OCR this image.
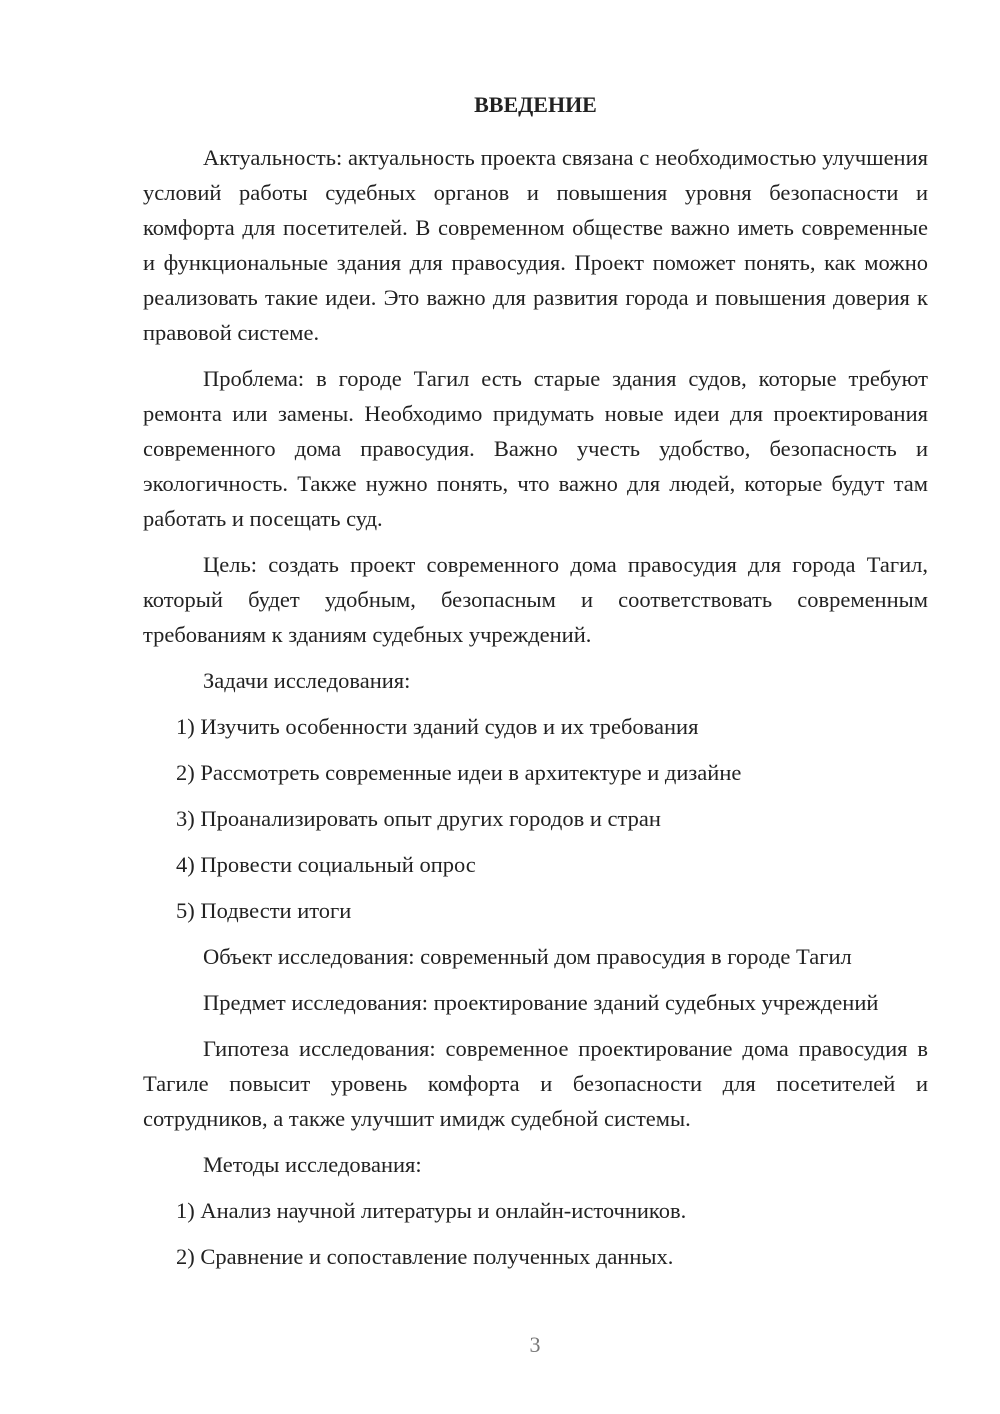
ВВЕДЕНИЕ
Актуальность: актуальность проекта связана с необходимостью улучшения условий работы судебных органов и повышения уровня безопасности и комфорта для посетителей. В современном обществе важно иметь современные и функциональные здания для правосудия. Проект поможет понять, как можно реализовать такие идеи. Это важно для развития города и повышения доверия к правовой системе.
Проблема: в городе Тагил есть старые здания судов, которые требуют ремонта или замены. Необходимо придумать новые идеи для проектирования современного дома правосудия. Важно учесть удобство, безопасность и экологичность. Также нужно понять, что важно для людей, которые будут там работать и посещать суд.
Цель: создать проект современного дома правосудия для города Тагил, который будет удобным, безопасным и соответствовать современным требованиям к зданиям судебных учреждений.
Задачи исследования:
1) Изучить особенности зданий судов и их требования
2) Рассмотреть современные идеи в архитектуре и дизайне
3) Проанализировать опыт других городов и стран
4) Провести социальный опрос
5) Подвести итоги
Объект исследования: современный дом правосудия в городе Тагил
Предмет исследования: проектирование зданий судебных учреждений
Гипотеза исследования: современное проектирование дома правосудия в Тагиле повысит уровень комфорта и безопасности для посетителей и сотрудников, а также улучшит имидж судебной системы.
Методы исследования:
1) Анализ научной литературы и онлайн-источников.
2) Сравнение и сопоставление полученных данных.
3
